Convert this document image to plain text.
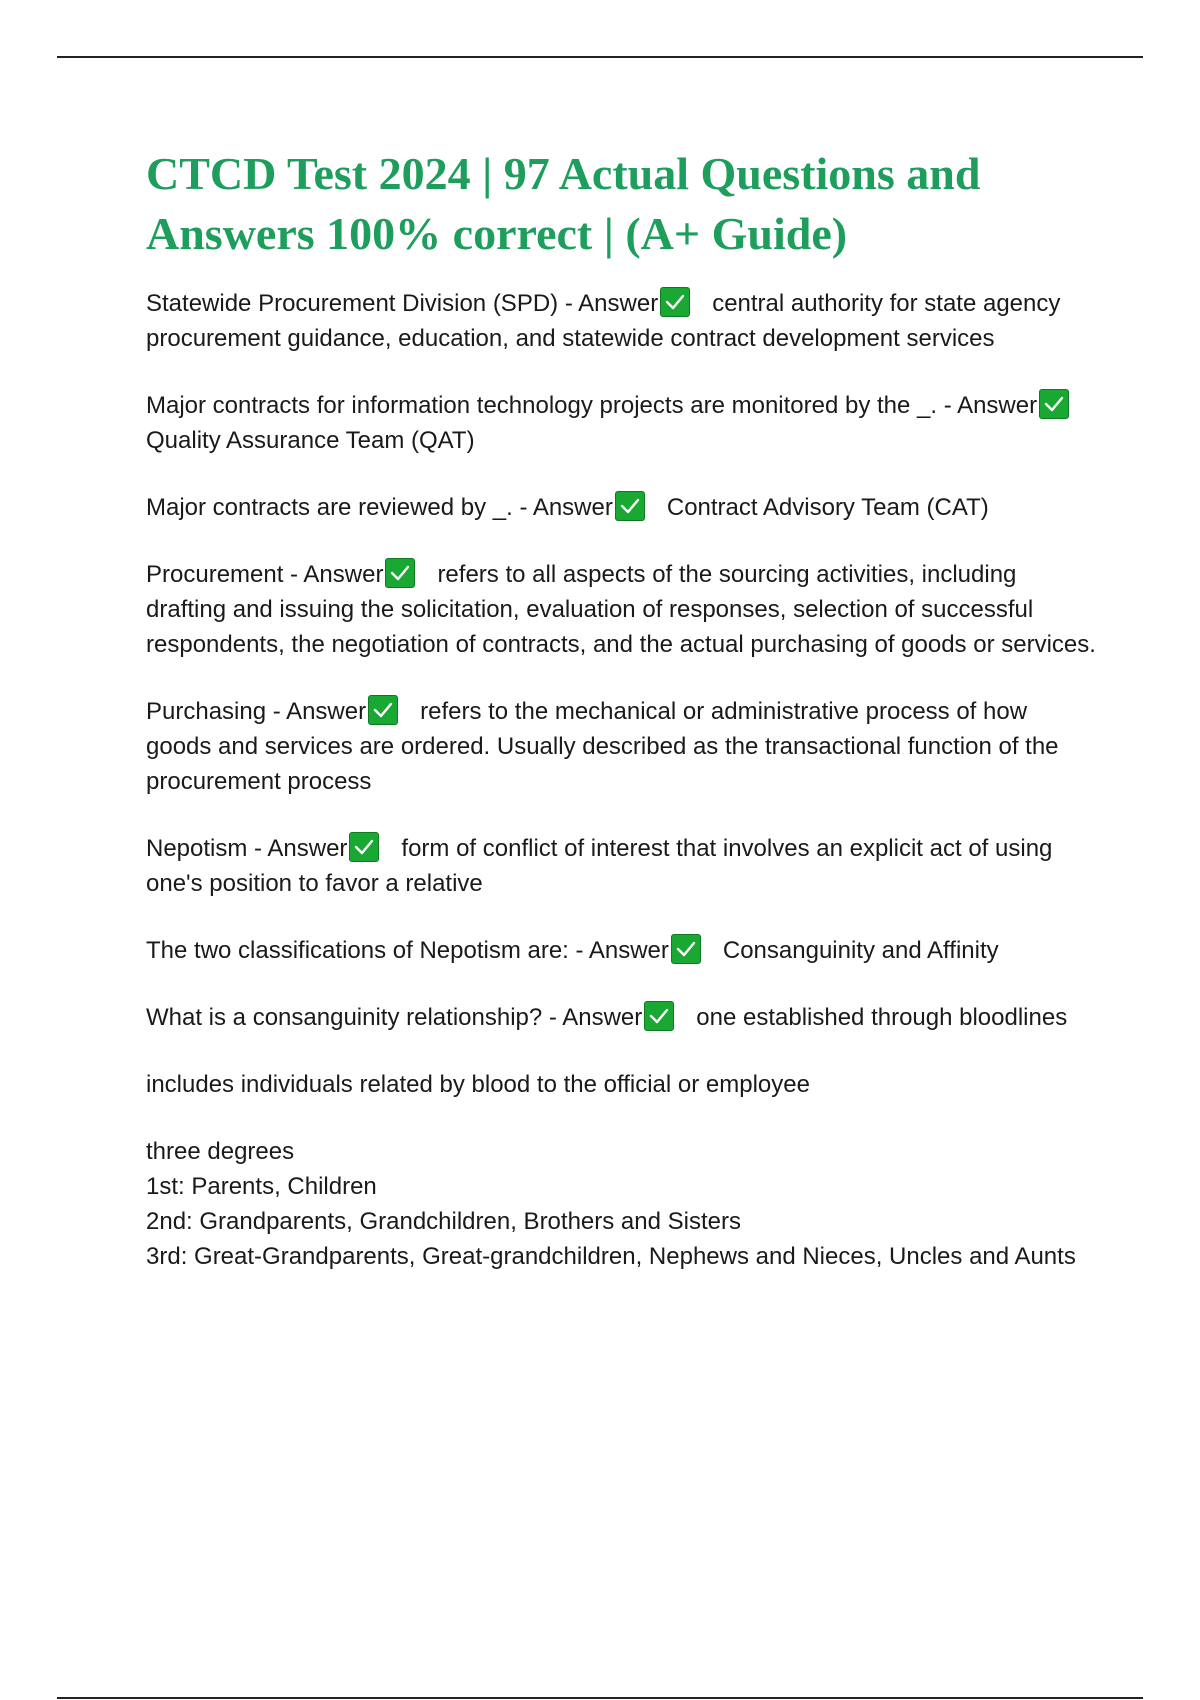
CTCD Test 2024 | 97 Actual Questions and Answers 100% correct | (A+ Guide)
Statewide Procurement Division (SPD) - Answer central authority for state agency procurement guidance, education, and statewide contract development services
Major contracts for information technology projects are monitored by the _. - Answer
Quality Assurance Team (QAT)
Major contracts are reviewed by _. - Answer Contract Advisory Team (CAT)
Procurement - Answer refers to all aspects of the sourcing activities, including drafting and issuing the solicitation, evaluation of responses, selection of successful respondents, the negotiation of contracts, and the actual purchasing of goods or services.
Purchasing - Answer refers to the mechanical or administrative process of how goods and services are ordered. Usually described as the transactional function of the procurement process
Nepotism - Answer form of conflict of interest that involves an explicit act of using one's position to favor a relative
The two classifications of Nepotism are: - Answer Consanguinity and Affinity
What is a consanguinity relationship? - Answer one established through bloodlines
includes individuals related by blood to the official or employee
three degrees
1st: Parents, Children
2nd: Grandparents, Grandchildren, Brothers and Sisters
3rd: Great-Grandparents, Great-grandchildren, Nephews and Nieces, Uncles and Aunts
